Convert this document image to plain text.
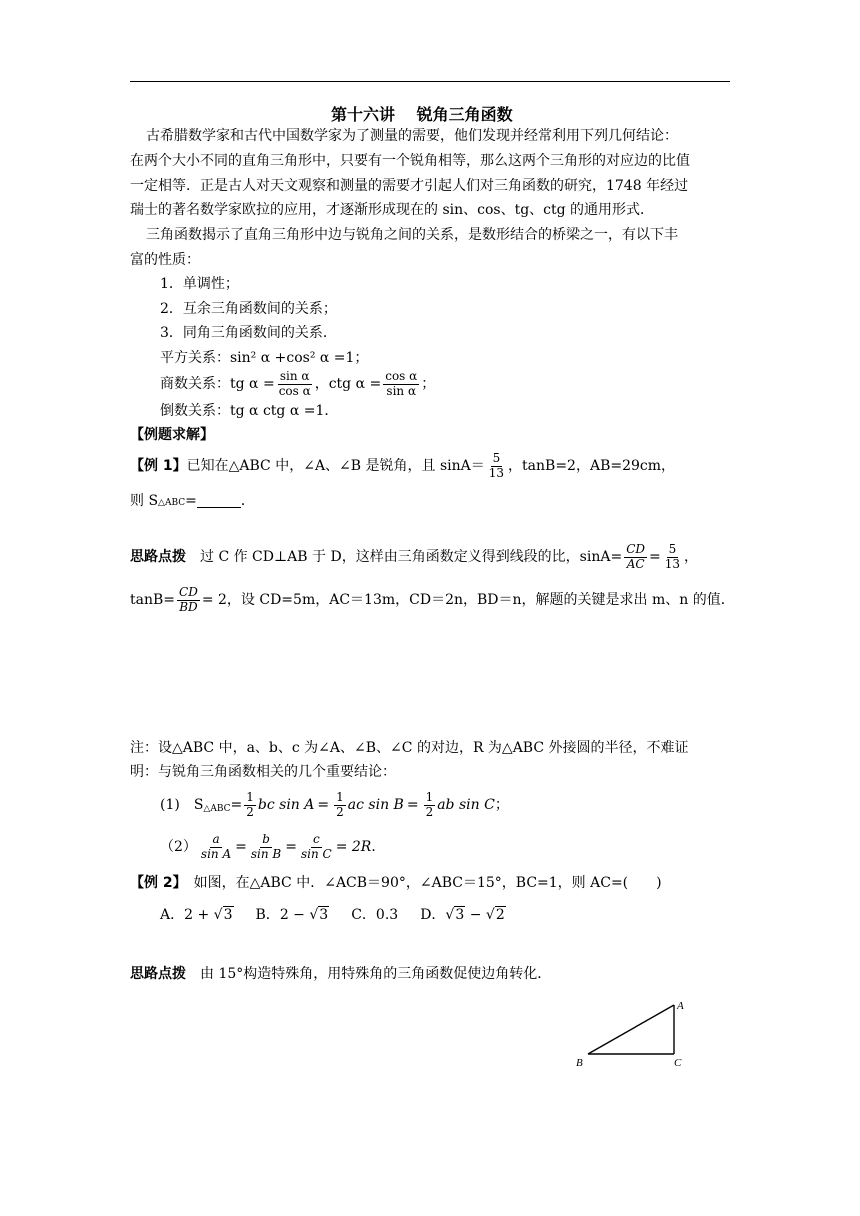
第十六讲　 锐角三角函数
古希腊数学家和古代中国数学家为了测量的需要，他们发现并经常利用下列几何结论：
在两个大小不同的直角三角形中，只要有一个锐角相等，那么这两个三角形的对应边的比值
一定相等．正是古人对天文观察和测量的需要才引起人们对三角函数的研究，1748 年经过
瑞士的著名数学家欧拉的应用，才逐渐形成现在的 sin、cos、tg、ctg 的通用形式．
三角函数揭示了直角三角形中边与锐角之间的关系，是数形结合的桥梁之一，有以下丰
富的性质：
1．单调性；
2．互余三角函数间的关系；
3．同角三角函数间的关系．
平方关系：sin² α +cos² α =1；
商数关系： tg $\alpha = \frac{\text{sin α}}{\text{cos α}}$ ， ctg $\alpha = \frac{\text{cos α}}{\text{sin α}}$ ；
倒数关系：tg α ctg α =1．
【例题求解】
【例 1】 已知在△ABC 中，∠A、∠B 是锐角，且 $\sin A= \frac{5}{13}$ ，tanB=2，AB=29cm，
则 S △ABC =	．
思路点拨 　过 C 作 CD⊥AB 于 D，这样由三角函数定义得到线段的比，$\sin A= \frac{CD}{AC} = \frac{5}{13}$ ，
$\tan B= \frac{CD}{BD} = 2$ ，设 CD=5m，AC＝13m，CD＝2n，BD＝n，解题的关键是求出 m、n 的值．
注：设△ABC 中，a、b、c 为∠A、∠B、∠C 的对边，R 为△ABC 外接圆的半径，不难证
明：与锐角三角函数相关的几个重要结论：
(1)　S △ABC = $\frac{1}{2}$ bc $\sin A = \frac{1}{2}$ ac $\sin B = \frac{1}{2}$ ab sin C ；
$(2) \frac{a}{\text{sin A}} = \frac{b}{\text{sin B}} = \frac{c}{\text{sin C}} = 2R$ ．
【例 2】　如图，在△ABC 中．∠ACB＝90°，∠ABC＝15°，BC=1，则 AC=(　　)
A．2 + √3 B．2 − √3 C．0.3 D．√3 − √2
思路点拨　由 15°构造特殊角，用特殊角的三角函数促使边角转化．
A
B	C
